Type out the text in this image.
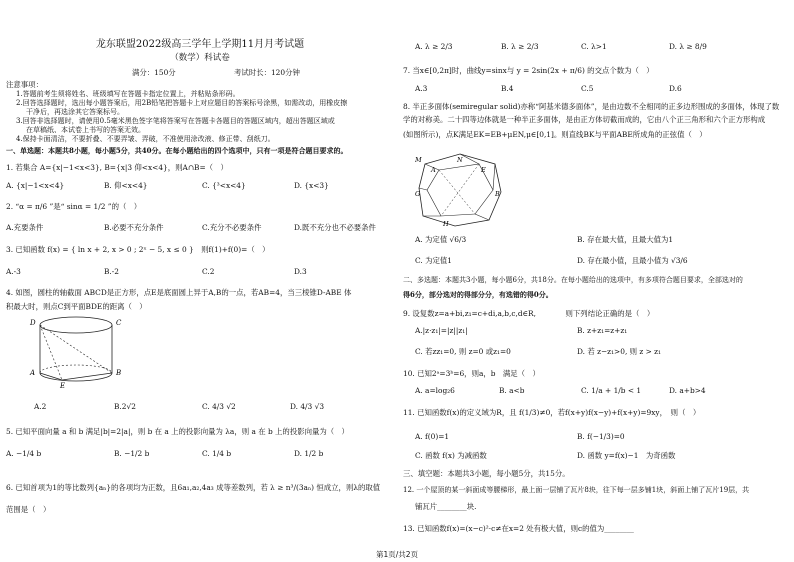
龙东联盟2022级高三学年上学期11月月考试题
（数学）科试卷
满分：150分	考试时长：120分钟
注意事项：
1.答题前考生须将姓名、班级填写在答题卡指定位置上，并粘贴条形码。
2.回答选择题时，选出每小题答案后，用2B铅笔把答题卡上对应题目的答案标号涂黑，如需改动，用橡皮擦
干净后，再选涂其它答案标号。
3.回答非选择题时，请使用0.5毫米黑色签字笔将答案写在答题卡各题目的答题区域内，超出答题区域或
在草稿纸、本试卷上书写的答案无效。
4.保持卡面清洁，不要折叠、不要弄皱、弄破，不准使用涂改液、修正带、刮纸刀。
一、单选题：本题共8小题，每小题5分，共40分。在每小题给出的四个选项中，只有一项是符合题目要求的。
1. 若集合 A={x|−1<x<3}, B={x|3 仰<x<4}，则A∩B=（　）
A. {x|−1<x<4}	B. 仰<x<4}	C. {³<x<4}	D. {x<3}
2. “α = π/6 ”是“ sinα = 1/2 ”的（　）
A.充要条件	B.必要不充分条件	C.充分不必要条件	D.既不充分也不必要条件
3. 已知函数 f(x) = { ln x + 2, x > 0 ; 2ˣ − 5, x ≤ 0 }　则f(1)+f(0)=（　）
A.-3	B.-2	C.2	D.3
4. 如图，圆柱的轴截面 ABCD是正方形，点E是底面圆上异于A,B的一点，若AB=4，当三棱锥D-ABE 体
积最大时，则点C到平面BDE的距离（　）
D	C
A
E
B
A.2	B.2√2	C. 4/3 √2	D. 4/3 √3
5. 已知平面向量 a 和 b 满足|b|=2|a|，则 b 在 a 上的投影向量为 λa，则 a 在 b 上的投影向量为（　）
A. −1/4 b	B. −1/2 b	C. 1/4 b	D. 1/2 b
6. 已知首项为1的等比数列{aₙ}的各项均为正数，且6a₁,a₂,4a₃ 成等差数列，若 λ ≥ n³/(3aₙ) 恒成立，则λ的取值
范围是（　）
A. λ ≥ 2/3	B. λ ≥ 2/3	C. λ>1	D. λ ≥ 8/9
7. 当x∈[0,2π]时，曲线y=sinx与 y = 2sin(2x + π/6) 的交点个数为（　）
A.3	B.4	C.5	D.6
8. 半正多面体(semiregular solid)亦称“阿基米德多面体”，是由边数不全相同的正多边形围成的多面体，体现了数
学的对称美。二十四等边体就是一种半正多面体，是由正方体切截而成的，它由八个正三角形和六个正方形构成
(如图所示)，点K满足EK=EB+μEN,μ∈[0,1]。则直线BK与平面ABE所成角的正弦值（　）
M
A
N
E
B
G
H
A. 为定值 √6/3	B. 存在最大值，且最大值为1
C. 为定值1	D. 存在最小值，且最小值为 √3/6
二、多选题：本题共3小题，每小题6分，共18分。在每小题给出的选项中，有多项符合题目要求，全部选对的
得6分，部分选对的得部分分，有选错的得0分。
9. 设复数z=a+bi,z₁=c+di,a,b,c,d∈R,　　　　则下列结论正确的是（　）
A.|z·z₁|=|z||z₁|	B. z+z₁=z+z₁
C. 若zz₁=0, 则 z=0 或z₁=0	D. 若 z−z₁>0, 则 z > z₁
10. 已知2ᵃ=3ᵇ=6，则a，b　满足（　）
A. a=log₂6	B. a<b	C. 1/a + 1/b < 1	D. a+b>4
11. 已知函数f(x)的定义域为R，且 f(1/3)≠0，若f(x+y)f(x−y)+f(x+y)=9xy，　则（　）
A. f(0)=1	B. f(−1/3)=0
C. 函数 f(x) 为减函数	D. 函数 y=f(x)−1　为奇函数
三、填空题：本题共3小题，每小题5分，共15分。
12. 一个屋顶的某一斜面成等腰梯形，最上面一层铺了瓦片8块，往下每一层多铺1块，斜面上铺了瓦片19层，共
铺瓦片________块.
13. 已知函数f(x)=(x−c)²·c≠在x=2 处有极大值，则c的值为________
第1页/共2页
